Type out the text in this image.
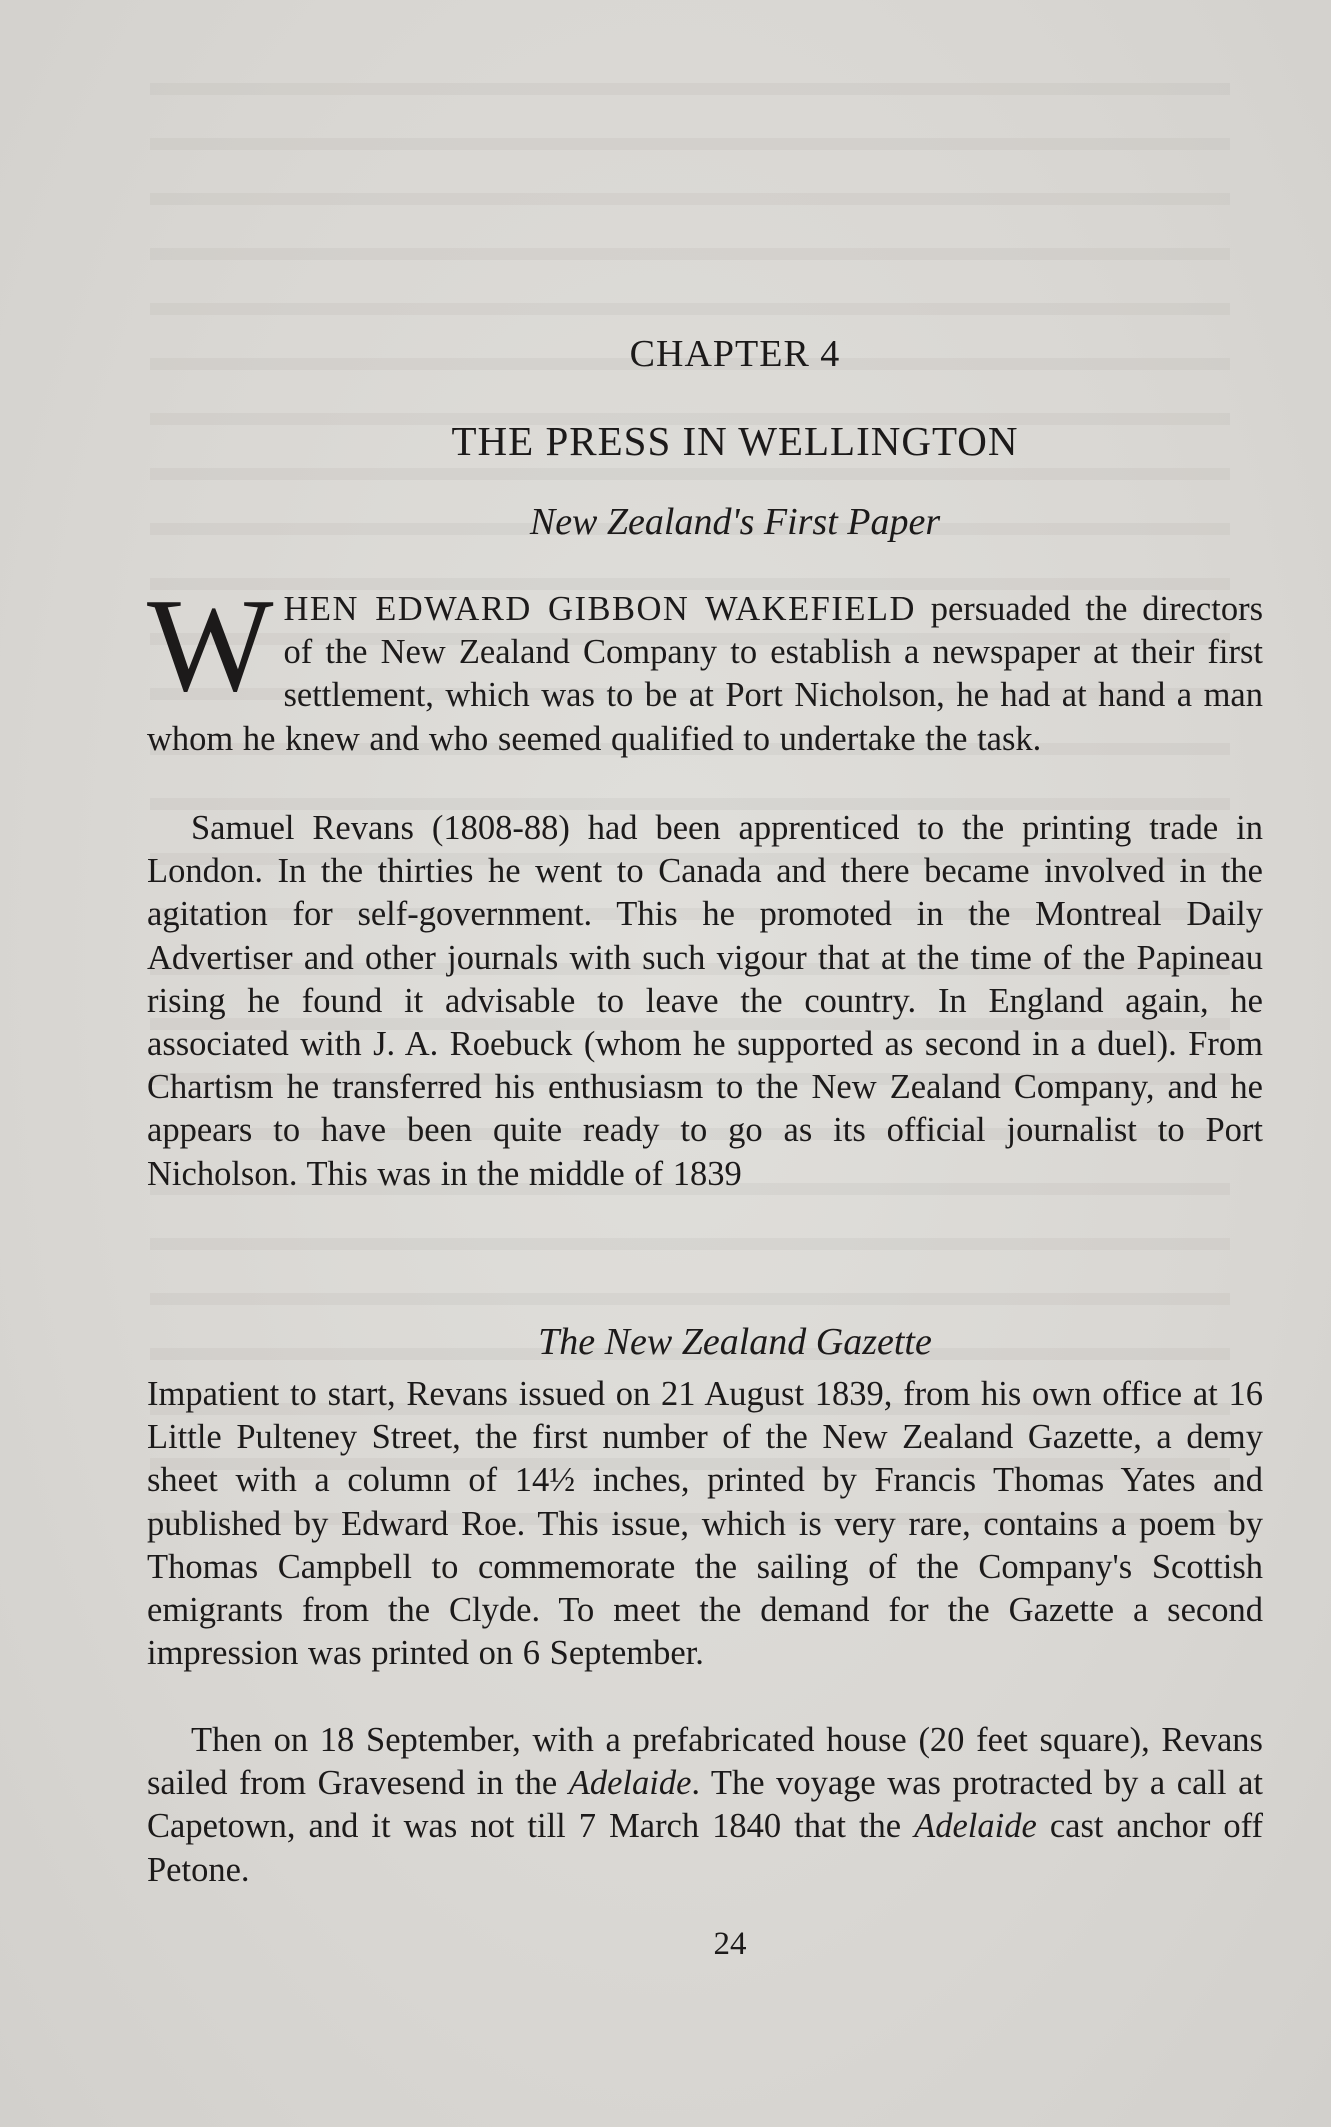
CHAPTER 4
THE PRESS IN WELLINGTON
New Zealand's First Paper

WHEN EDWARD GIBBON WAKEFIELD persuaded the directors of the New Zealand Company to establish a newspaper at their first settlement, which was to be at Port Nicholson, he had at hand a man whom he knew and who seemed qualified to undertake the task.

Samuel Revans (1808-88) had been apprenticed to the printing trade in London. In the thirties he went to Canada and there became involved in the agitation for self-government. This he promoted in the Montreal Daily Advertiser and other journals with such vigour that at the time of the Papineau rising he found it advisable to leave the country. In England again, he associated with J. A. Roebuck (whom he supported as second in a duel). From Chartism he transferred his enthusiasm to the New Zealand Company, and he appears to have been quite ready to go as its official journalist to Port Nicholson. This was in the middle of 1839

The New Zealand Gazette

Impatient to start, Revans issued on 21 August 1839, from his own office at 16 Little Pulteney Street, the first number of the New Zealand Gazette, a demy sheet with a column of 14½ inches, printed by Francis Thomas Yates and published by Edward Roe. This issue, which is very rare, contains a poem by Thomas Campbell to commemorate the sailing of the Company's Scottish emigrants from the Clyde. To meet the demand for the Gazette a second impression was printed on 6 September.

Then on 18 September, with a prefabricated house (20 feet square), Revans sailed from Gravesend in the Adelaide. The voyage was protracted by a call at Capetown, and it was not till 7 March 1840 that the Adelaide cast anchor off Petone.

24
